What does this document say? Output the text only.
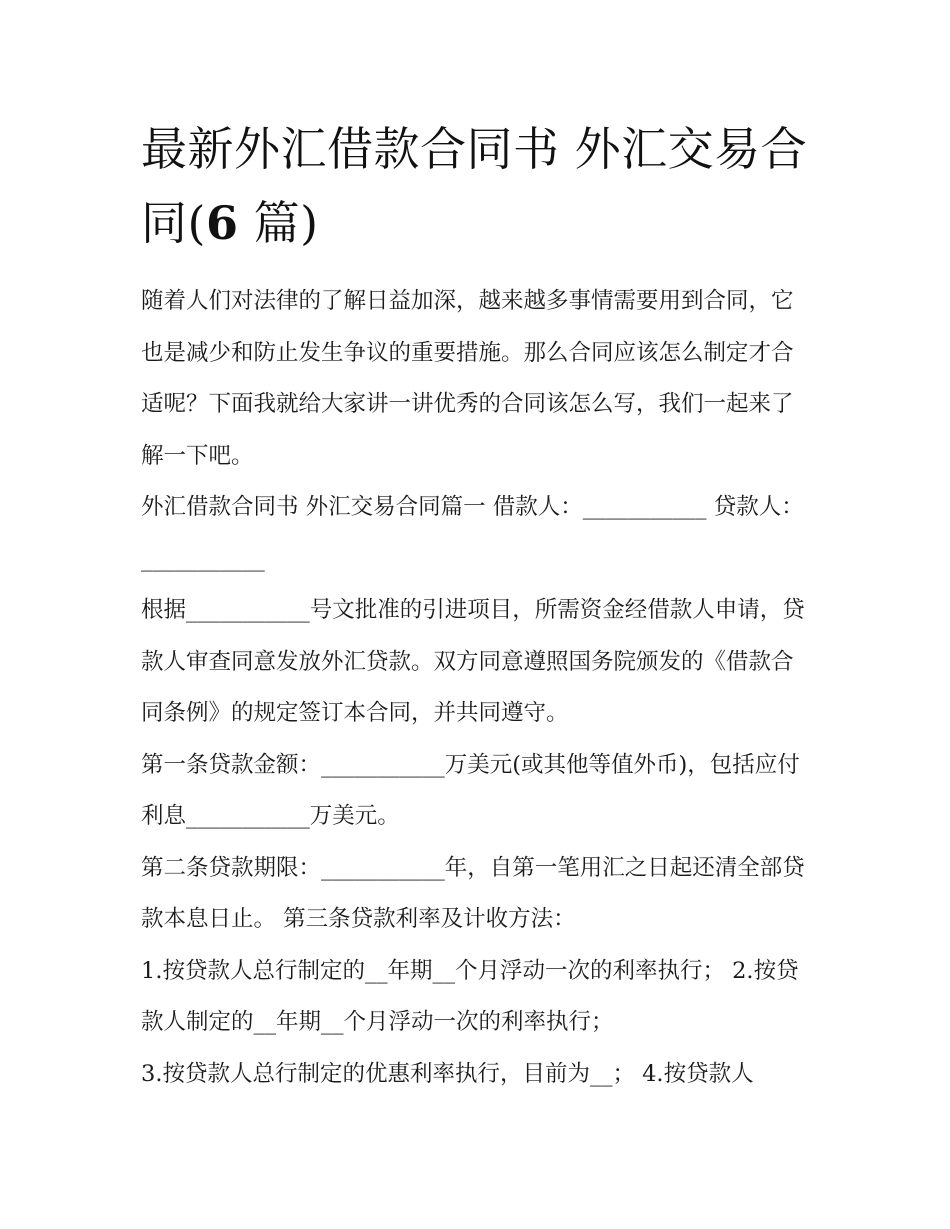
最新外汇借款合同书 外汇交易合同(6 篇)

随着人们对法律的了解日益加深，越来越多事情需要用到合同，它也是减少和防止发生争议的重要措施。那么合同应该怎么制定才合适呢？下面我就给大家讲一讲优秀的合同该怎么写，我们一起来了解一下吧。

外汇借款合同书 外汇交易合同篇一 借款人：___________ 贷款人：___________

根据___________号文批准的引进项目，所需资金经借款人申请，贷款人审查同意发放外汇贷款。双方同意遵照国务院颁发的《借款合同条例》的规定签订本合同，并共同遵守。

第一条贷款金额：___________万美元(或其他等值外币)，包括应付利息___________万美元。

第二条贷款期限：___________年，自第一笔用汇之日起还清全部贷款本息日止。 第三条贷款利率及计收方法：

1.按贷款人总行制定的__年期__个月浮动一次的利率执行； 2.按贷款人制定的__年期__个月浮动一次的利率执行；

3.按贷款人总行制定的优惠利率执行，目前为__； 4.按贷款人
